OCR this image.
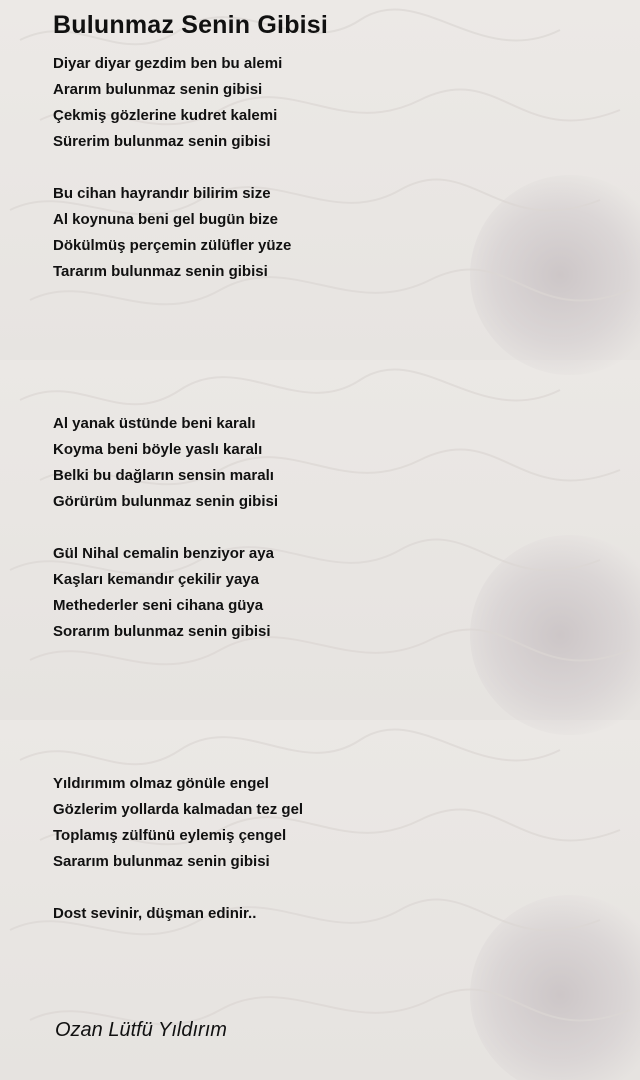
Bulunmaz Senin Gibisi
Diyar diyar gezdim ben bu alemi
Ararım bulunmaz senin gibisi
Çekmiş gözlerine kudret kalemi
Sürerim bulunmaz senin gibisi
Bu cihan hayrandır bilirim size
Al koynuna beni gel bugün bize
Dökülmüş perçemin zülüfler yüze
Tararım bulunmaz senin gibisi
Al yanak üstünde beni karalı
Koyma beni böyle yaslı karalı
Belki bu dağların sensin maralı
Görürüm bulunmaz senin gibisi
Gül Nihal cemalin benziyor aya
Kaşları kemandır çekilir yaya
Methederler seni cihana güya
Sorarım bulunmaz senin gibisi
Yıldırımım olmaz gönüle engel
Gözlerim yollarda kalmadan tez gel
Toplamış zülfünü eylemiş çengel
Sararım bulunmaz senin gibisi
Dost sevinir, düşman edinir..

Ozan Lütfü Yıldırım
